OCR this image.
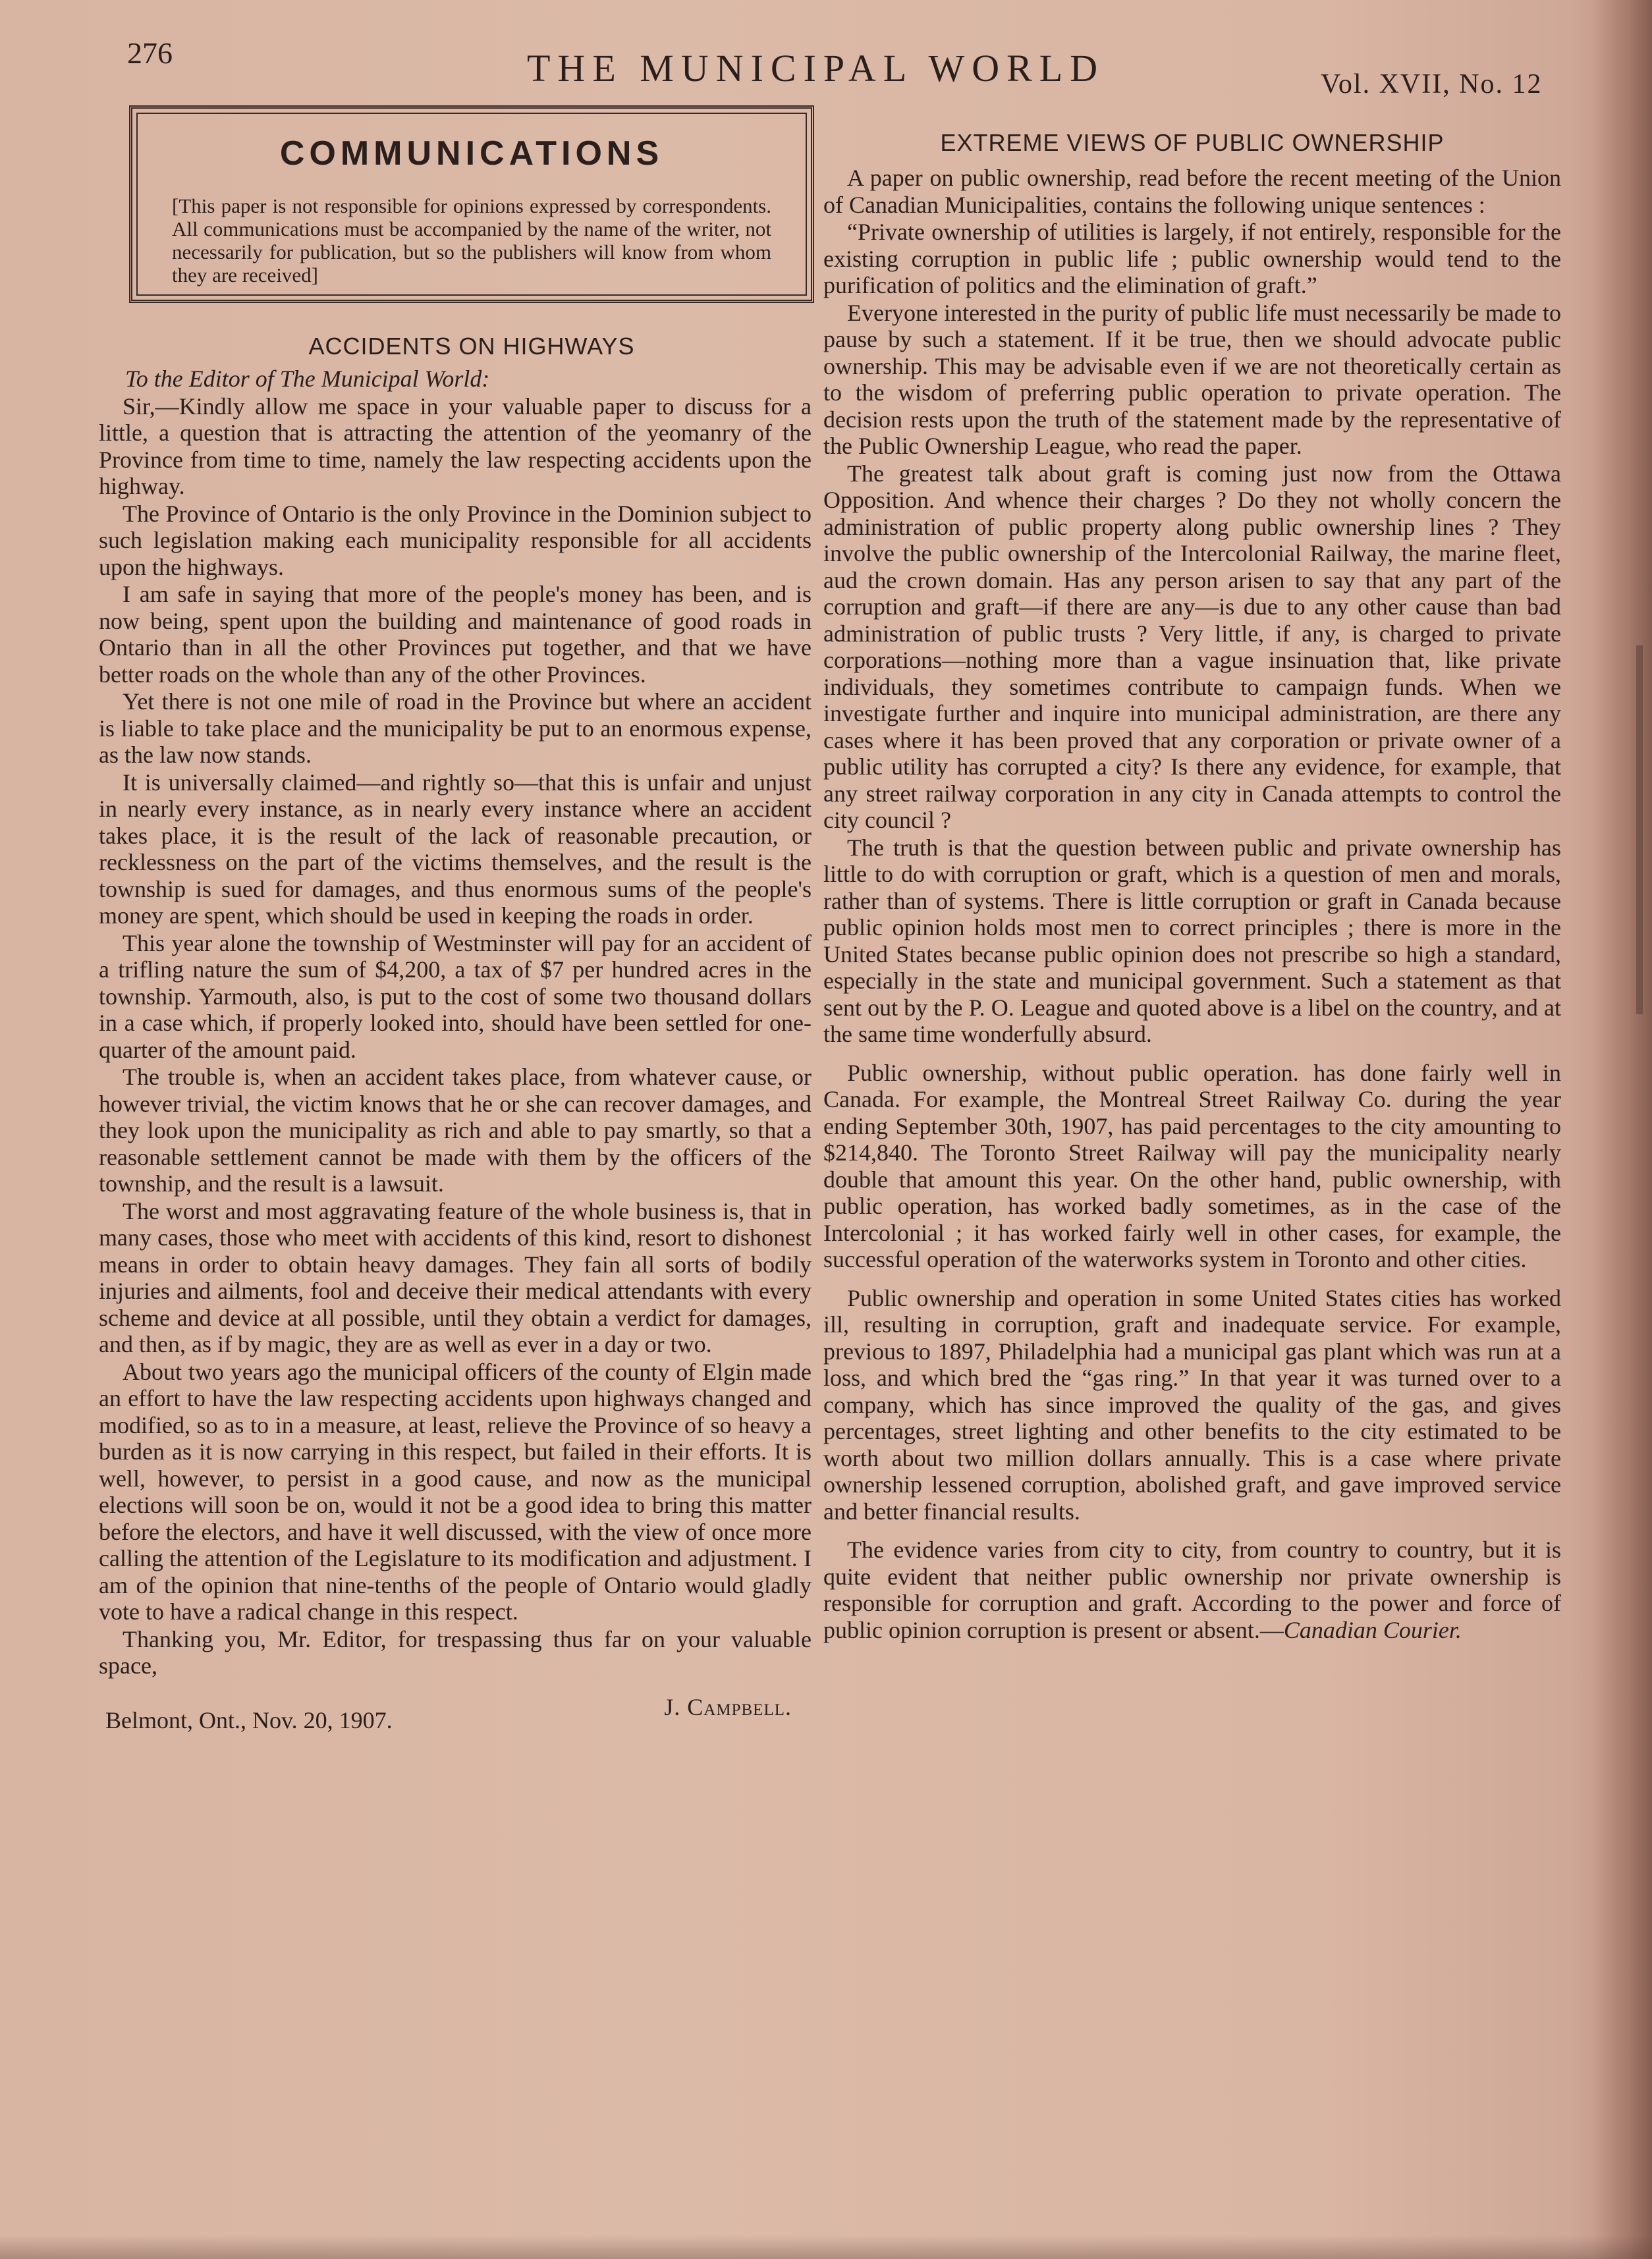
276	THE MUNICIPAL WORLD	Vol. XVII, No. 12
COMMUNICATIONS
[This paper is not responsible for opinions expressed by correspondents. All communications must be accompanied by the name of the writer, not necessarily for publication, but so the publishers will know from whom they are received]
ACCIDENTS ON HIGHWAYS

To the Editor of The Municipal World:

Sir,—Kindly allow me space in your valuable paper to discuss for a little, a question that is attracting the attention of the yeomanry of the Province from time to time, namely the law respecting accidents upon the highway.

The Province of Ontario is the only Province in the Dominion subject to such legislation making each municipality responsible for all accidents upon the highways.

I am safe in saying that more of the people's money has been, and is now being, spent upon the building and maintenance of good roads in Ontario than in all the other Provinces put together, and that we have better roads on the whole than any of the other Provinces.

Yet there is not one mile of road in the Province but where an accident is liable to take place and the municipality be put to an enormous expense, as the law now stands.

It is universally claimed—and rightly so—that this is unfair and unjust in nearly every instance, as in nearly every instance where an accident takes place, it is the result of the lack of reasonable precaution, or recklessness on the part of the victims themselves, and the result is the township is sued for damages, and thus enormous sums of the people's money are spent, which should be used in keeping the roads in order.

This year alone the township of Westminster will pay for an accident of a trifling nature the sum of $4,200, a tax of $7 per hundred acres in the township. Yarmouth, also, is put to the cost of some two thousand dollars in a case which, if properly looked into, should have been settled for one-quarter of the amount paid.

The trouble is, when an accident takes place, from whatever cause, or however trivial, the victim knows that he or she can recover damages, and they look upon the municipality as rich and able to pay smartly, so that a reasonable settlement cannot be made with them by the officers of the township, and the result is a lawsuit.

The worst and most aggravating feature of the whole business is, that in many cases, those who meet with accidents of this kind, resort to dishonest means in order to obtain heavy damages. They fain all sorts of bodily injuries and ailments, fool and deceive their medical attendants with every scheme and device at all possible, until they obtain a verdict for damages, and then, as if by magic, they are as well as ever in a day or two.

About two years ago the municipal officers of the county of Elgin made an effort to have the law respecting accidents upon highways changed and modified, so as to in a measure, at least, relieve the Province of so heavy a burden as it is now carrying in this respect, but failed in their efforts. It is well, however, to persist in a good cause, and now as the municipal elections will soon be on, would it not be a good idea to bring this matter before the electors, and have it well discussed, with the view of once more calling the attention of the Legislature to its modification and adjustment. I am of the opinion that nine-tenths of the people of Ontario would gladly vote to have a radical change in this respect.

Thanking you, Mr. Editor, for trespassing thus far on your valuable space,

J. Campbell.
Belmont, Ont., Nov. 20, 1907.
EXTREME VIEWS OF PUBLIC OWNERSHIP

A paper on public ownership, read before the recent meeting of the Union of Canadian Municipalities, contains the following unique sentences :

“Private ownership of utilities is largely, if not entirely, responsible for the existing corruption in public life ; public ownership would tend to the purification of politics and the elimination of graft.”

Everyone interested in the purity of public life must necessarily be made to pause by such a statement. If it be true, then we should advocate public ownership. This may be advisable even if we are not theoretically certain as to the wisdom of preferring public operation to private operation. The decision rests upon the truth of the statement made by the representative of the Public Ownership League, who read the paper.

The greatest talk about graft is coming just now from the Ottawa Opposition. And whence their charges ? Do they not wholly concern the administration of public property along public ownership lines ? They involve the public ownership of the Intercolonial Railway, the marine fleet, aud the crown domain. Has any person arisen to say that any part of the corruption and graft—if there are any—is due to any other cause than bad administration of public trusts ? Very little, if any, is charged to private corporations—nothing more than a vague insinuation that, like private individuals, they sometimes contribute to campaign funds. When we investigate further and inquire into municipal administration, are there any cases where it has been proved that any corporation or private owner of a public utility has corrupted a city? Is there any evidence, for example, that any street railway corporation in any city in Canada attempts to control the city council ?

The truth is that the question between public and private ownership has little to do with corruption or graft, which is a question of men and morals, rather than of systems. There is little corruption or graft in Canada because public opinion holds most men to correct principles ; there is more in the United States becanse public opinion does not prescribe so high a standard, especially in the state and municipal government. Such a statement as that sent out by the P. O. League and quoted above is a libel on the country, and at the same time wonderfully absurd.

Public ownership, without public operation. has done fairly well in Canada. For example, the Montreal Street Railway Co. during the year ending September 30th, 1907, has paid percentages to the city amounting to $214,840. The Toronto Street Railway will pay the municipality nearly double that amount this year. On the other hand, public ownership, with public operation, has worked badly sometimes, as in the case of the Intercolonial ; it has worked fairly well in other cases, for example, the successful operation of the waterworks system in Toronto and other cities.

Public ownership and operation in some United States cities has worked ill, resulting in corruption, graft and inadequate service. For example, previous to 1897, Philadelphia had a municipal gas plant which was run at a loss, and which bred the “gas ring.” In that year it was turned over to a company, which has since improved the quality of the gas, and gives percentages, street lighting and other benefits to the city estimated to be worth about two million dollars annually. This is a case where private ownership lessened corruption, abolished graft, and gave improved service and better financial results.

The evidence varies from city to city, from country to country, but it is quite evident that neither public ownership nor private ownership is responsible for corruption and graft. According to the power and force of public opinion corruption is present or absent.—Canadian Courier.
